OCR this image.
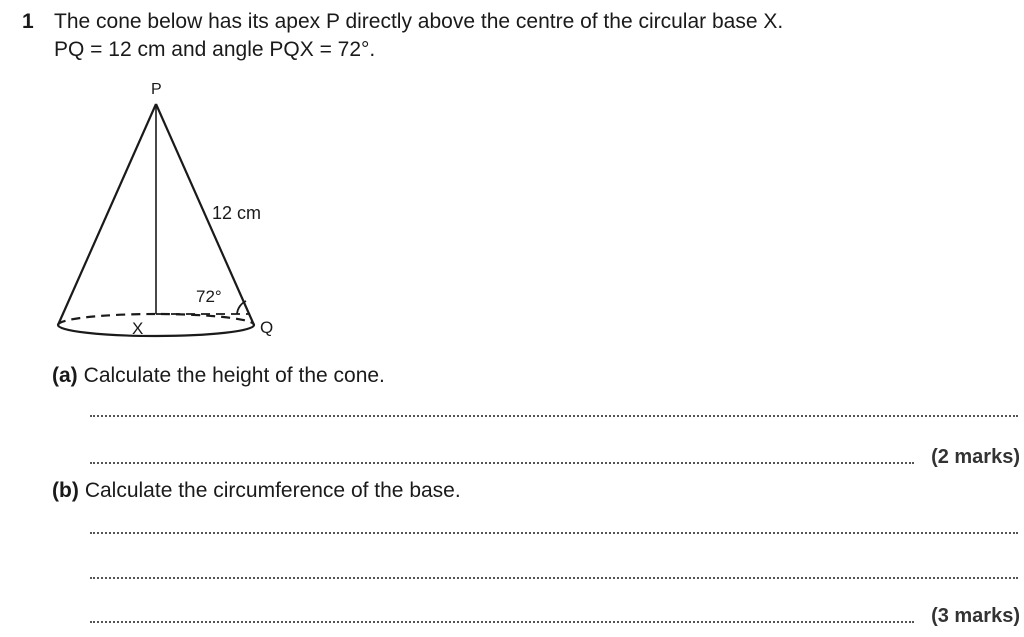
1 The cone below has its apex P directly above the centre of the circular base X.
PQ = 12 cm and angle PQX = 72°.
P
12 cm
72°
X	Q
(a) Calculate the height of the cone.
(2 marks)
(b) Calculate the circumference of the base.
(3 marks)
